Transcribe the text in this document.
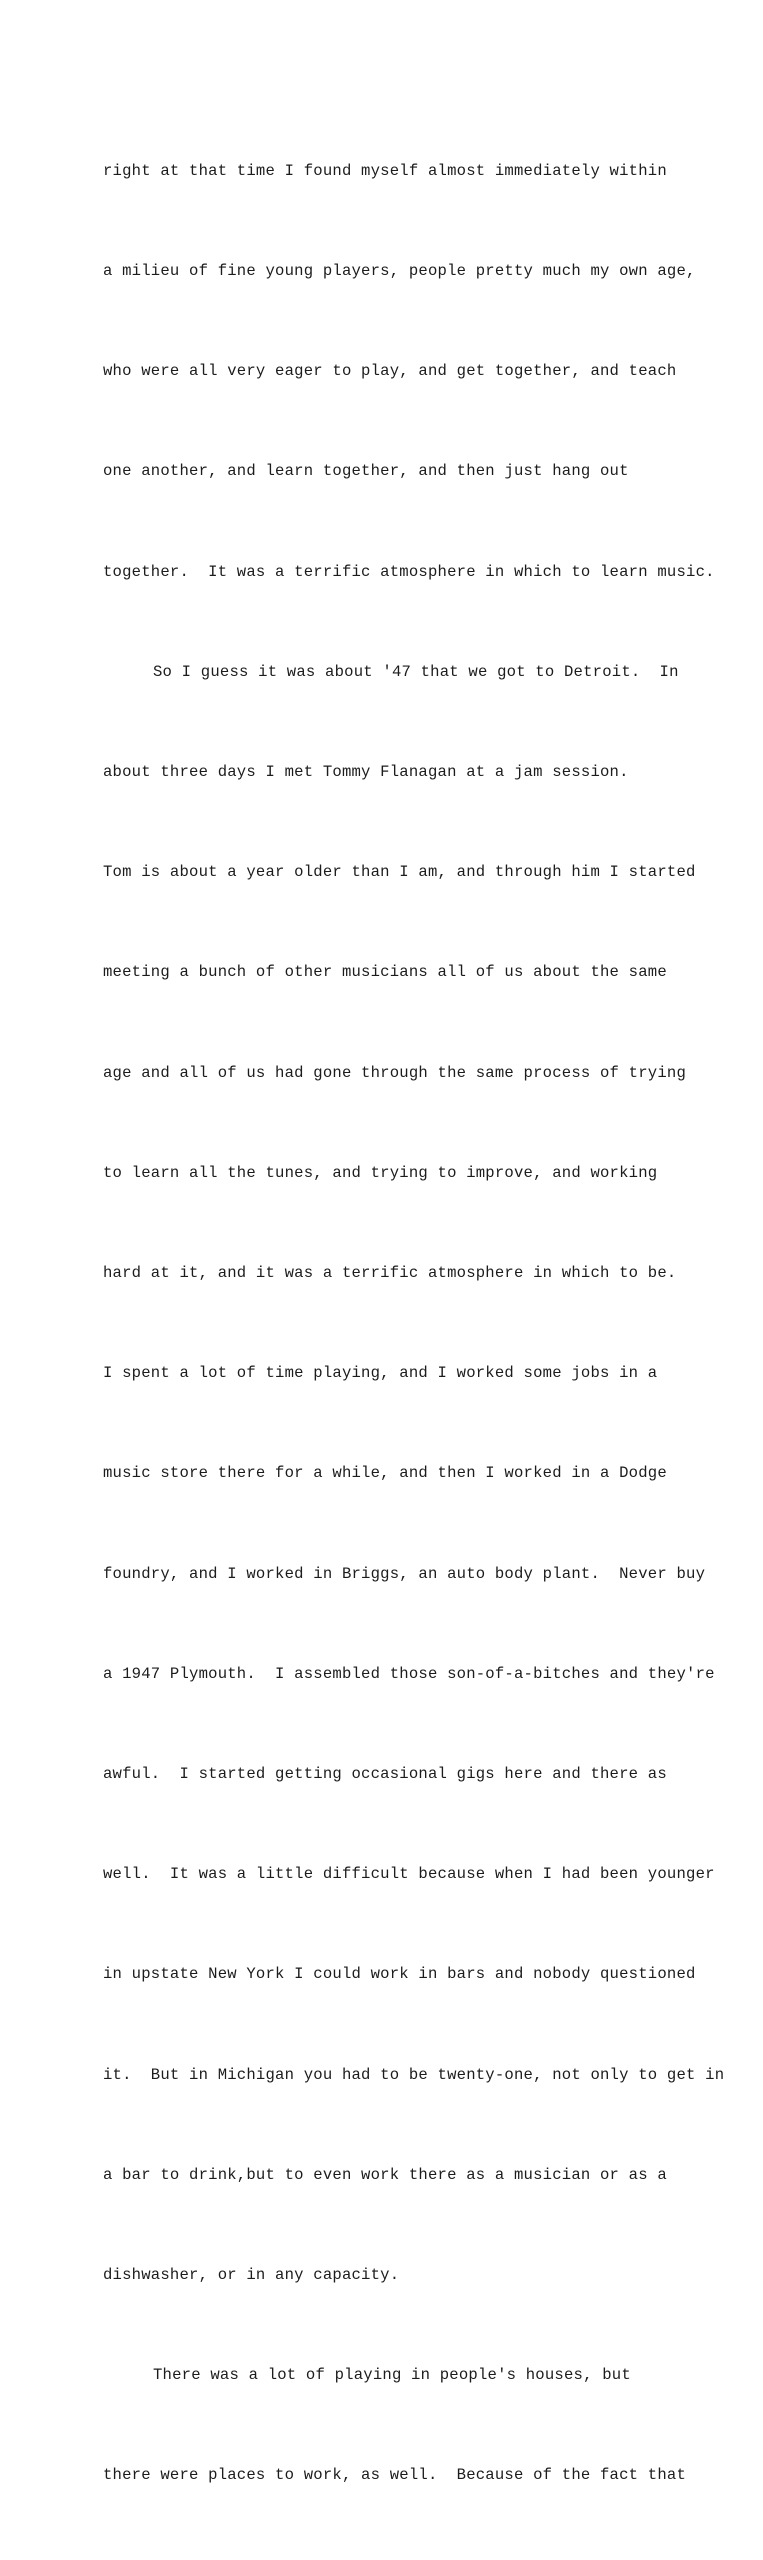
right at that time I found myself almost immediately within

a milieu of fine young players, people pretty much my own age,

who were all very eager to play, and get together, and teach

one another, and learn together, and then just hang out

together.  It was a terrific atmosphere in which to learn music.

So I guess it was about '47 that we got to Detroit.  In

about three days I met Tommy Flanagan at a jam session.

Tom is about a year older than I am, and through him I started

meeting a bunch of other musicians all of us about the same

age and all of us had gone through the same process of trying

to learn all the tunes, and trying to improve, and working

hard at it, and it was a terrific atmosphere in which to be.

I spent a lot of time playing, and I worked some jobs in a

music store there for a while, and then I worked in a Dodge

foundry, and I worked in Briggs, an auto body plant.  Never buy

a 1947 Plymouth.  I assembled those son-of-a-bitches and they're

awful.  I started getting occasional gigs here and there as

well.  It was a little difficult because when I had been younger

in upstate New York I could work in bars and nobody questioned

it.  But in Michigan you had to be twenty-one, not only to get in

a bar to drink,but to even work there as a musician or as a

dishwasher, or in any capacity.

There was a lot of playing in people's houses, but

there were places to work, as well.  Because of the fact that
